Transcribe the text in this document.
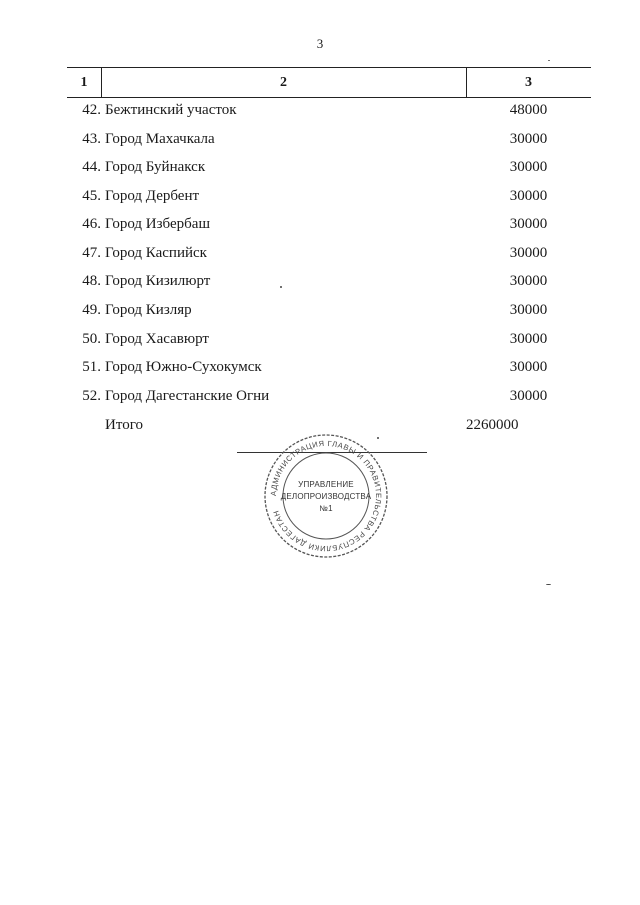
3
1	2	3
42. Бежтинский участок	48000
43. Город Махачкала	30000
44. Город Буйнакск	30000
45. Город Дербент	30000
46. Город Избербаш	30000
47. Город Каспийск	30000
48. Город Кизилюрт	30000
49. Город Кизляр	30000
50. Город Хасавюрт	30000
51. Город Южно-Сухокумск	30000
52. Город Дагестанские Огни	30000
Итого	2260000
АДМИНИСТРАЦИЯ ГЛАВЫ И ПРАВИТЕЛЬСТВА РЕСПУБЛИКИ ДАГЕСТАН
УПРАВЛЕНИЕ
ДЕЛОПРОИЗВОДСТВА
№1
